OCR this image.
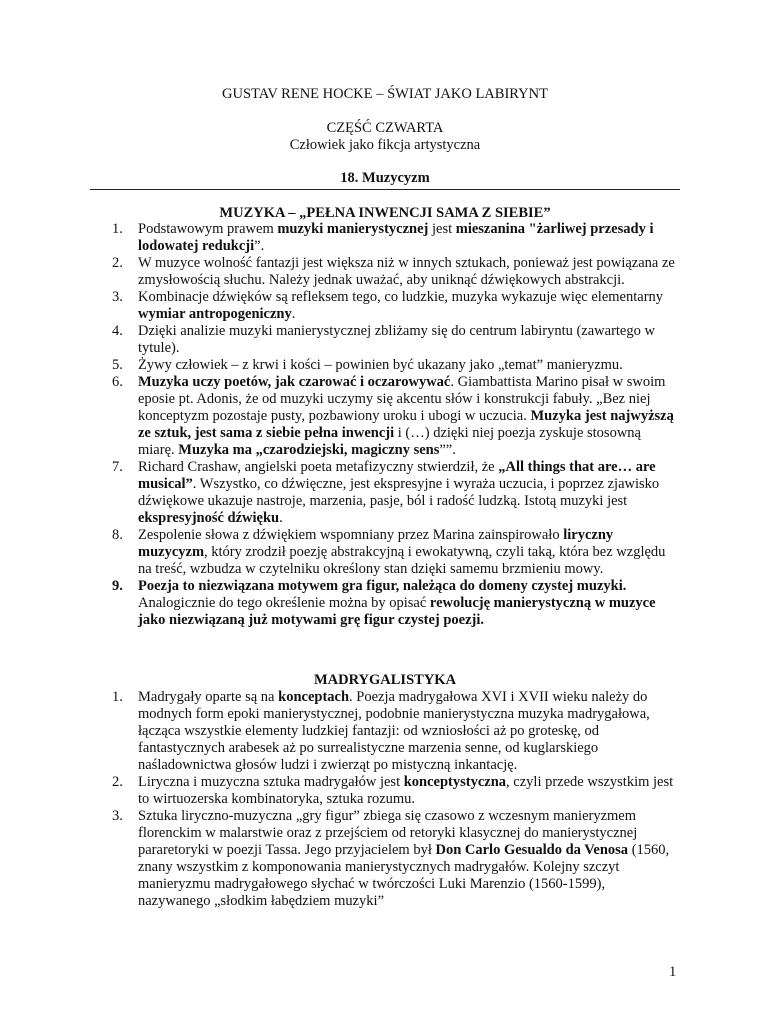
GUSTAV RENE HOCKE – ŚWIAT JAKO LABIRYNT
CZĘŚĆ CZWARTA
Człowiek jako fikcja artystyczna
18. Muzycyzm
MUZYKA – „PEŁNA INWENCJI SAMA Z SIEBIE”
1.	Podstawowym prawem muzyki manierystycznej jest mieszanina "żarliwej przesady i lodowatej redukcji”.
2.	W muzyce wolność fantazji jest większa niż w innych sztukach, ponieważ jest powiązana ze zmysłowością słuchu. Należy jednak uważać, aby uniknąć dźwiękowych abstrakcji.
3.	Kombinacje dźwięków są refleksem tego, co ludzkie, muzyka wykazuje więc elementarny wymiar antropogeniczny.
4.	Dzięki analizie muzyki manierystycznej zbliżamy się do centrum labiryntu (zawartego w tytule).
5.	Żywy człowiek – z krwi i kości – powinien być ukazany jako „temat” manieryzmu.
6.	Muzyka uczy poetów, jak czarować i oczarowywać. Giambattista Marino pisał w swoim eposie pt. Adonis, że od muzyki uczymy się akcentu słów i konstrukcji fabuły. „Bez niej konceptyzm pozostaje pusty, pozbawiony uroku i ubogi w uczucia. Muzyka jest najwyższą ze sztuk, jest sama z siebie pełna inwencji i (…) dzięki niej poezja zyskuje stosowną miarę. Muzyka ma „czarodziejski, magiczny sens””.
7.	Richard Crashaw, angielski poeta metafizyczny stwierdził, że „All things that are… are musical”. Wszystko, co dźwięczne, jest ekspresyjne i wyraża uczucia, i poprzez zjawisko dźwiękowe ukazuje nastroje, marzenia, pasje, ból i radość ludzką. Istotą muzyki jest ekspresyjność dźwięku.
8.	Zespolenie słowa z dźwiękiem wspomniany przez Marina zainspirowało liryczny muzycyzm, który zrodził poezję abstrakcyjną i ewokatywną, czyli taką, która bez względu na treść, wzbudza w czytelniku określony stan dzięki samemu brzmieniu mowy.
9.	Poezja to niezwiązana motywem gra figur, należąca do domeny czystej muzyki. Analogicznie do tego określenie można by opisać rewolucję manierystyczną w muzyce jako niezwiązaną już motywami grę figur czystej poezji.
MADRYGALISTYKA
1.	Madrygały oparte są na konceptach. Poezja madrygałowa XVI i XVII wieku należy do modnych form epoki manierystycznej, podobnie manierystyczna muzyka madrygałowa, łącząca wszystkie elementy ludzkiej fantazji: od wzniosłości aż po groteskę, od fantastycznych arabesek aż po surrealistyczne marzenia senne, od kuglarskiego naśladownictwa głosów ludzi i zwierząt po mistyczną inkantację.
2.	Liryczna i muzyczna sztuka madrygałów jest konceptystyczna, czyli przede wszystkim jest to wirtuozerska kombinatoryka, sztuka rozumu.
3.	Sztuka liryczno-muzyczna „gry figur” zbiega się czasowo z wczesnym manieryzmem florenckim w malarstwie oraz z przejściem od retoryki klasycznej do manierystycznej pararetoryki w poezji Tassa. Jego przyjacielem był Don Carlo Gesualdo da Venosa (1560, znany wszystkim z komponowania manierystycznych madrygałów. Kolejny szczyt manieryzmu madrygałowego słychać w twórczości Luki Marenzio (1560-1599), nazywanego „słodkim łabędziem muzyki”
1
